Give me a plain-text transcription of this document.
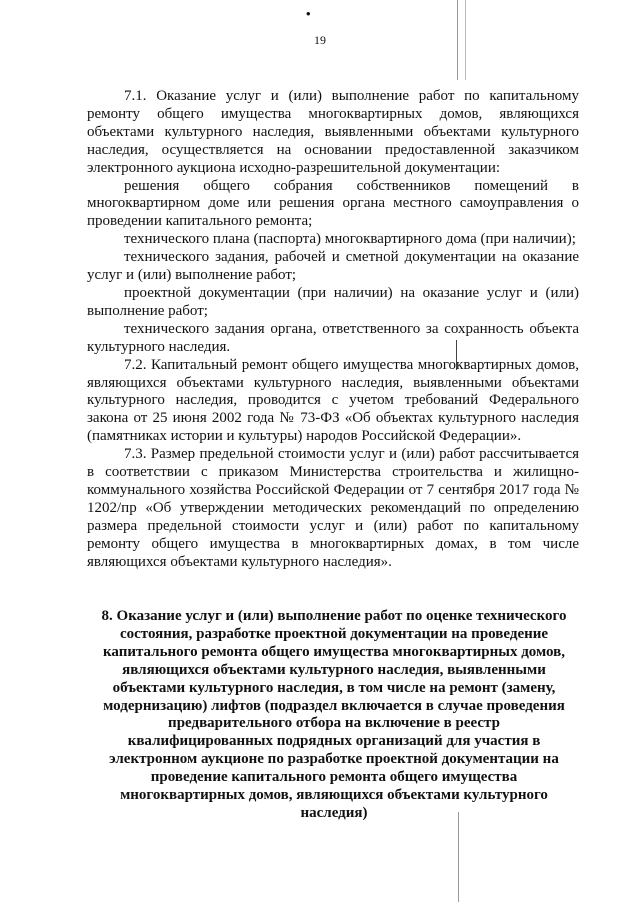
•
19

7.1. Оказание услуг и (или) выполнение работ по капитальному ремонту общего имущества многоквартирных домов, являющихся объектами культурного наследия, выявленными объектами культурного наследия, осуществляется на основании предоставленной заказчиком электронного аукциона исходно-разрешительной документации:

решения общего собрания собственников помещений в многоквартирном доме или решения органа местного самоуправления о проведении капитального ремонта;

технического плана (паспорта) многоквартирного дома (при наличии);

технического задания, рабочей и сметной документации на оказание услуг и (или) выполнение работ;

проектной документации (при наличии) на оказание услуг и (или) выполнение работ;

технического задания органа, ответственного за сохранность объекта культурного наследия.

7.2. Капитальный ремонт общего имущества многоквартирных домов, являющихся объектами культурного наследия, выявленными объектами культурного наследия, проводится с учетом требований Федерального закона от 25 июня 2002 года № 73-ФЗ «Об объектах культурного наследия (памятниках истории и культуры) народов Российской Федерации».

7.3. Размер предельной стоимости услуг и (или) работ рассчитывается в соответствии с приказом Министерства строительства и жилищно-коммунального хозяйства Российской Федерации от 7 сентября 2017 года № 1202/пр «Об утверждении методических рекомендаций по определению размера предельной стоимости услуг и (или) работ по капитальному ремонту общего имущества в многоквартирных домах, в том числе являющихся объектами культурного наследия».

8. Оказание услуг и (или) выполнение работ по оценке технического состояния, разработке проектной документации на проведение капитального ремонта общего имущества многоквартирных домов, являющихся объектами культурного наследия, выявленными объектами культурного наследия, в том числе на ремонт (замену, модернизацию) лифтов (подраздел включается в случае проведения предварительного отбора на включение в реестр квалифицированных подрядных организаций для участия в электронном аукционе по разработке проектной документации на проведение капитального ремонта общего имущества многоквартирных домов, являющихся объектами культурного наследия)
